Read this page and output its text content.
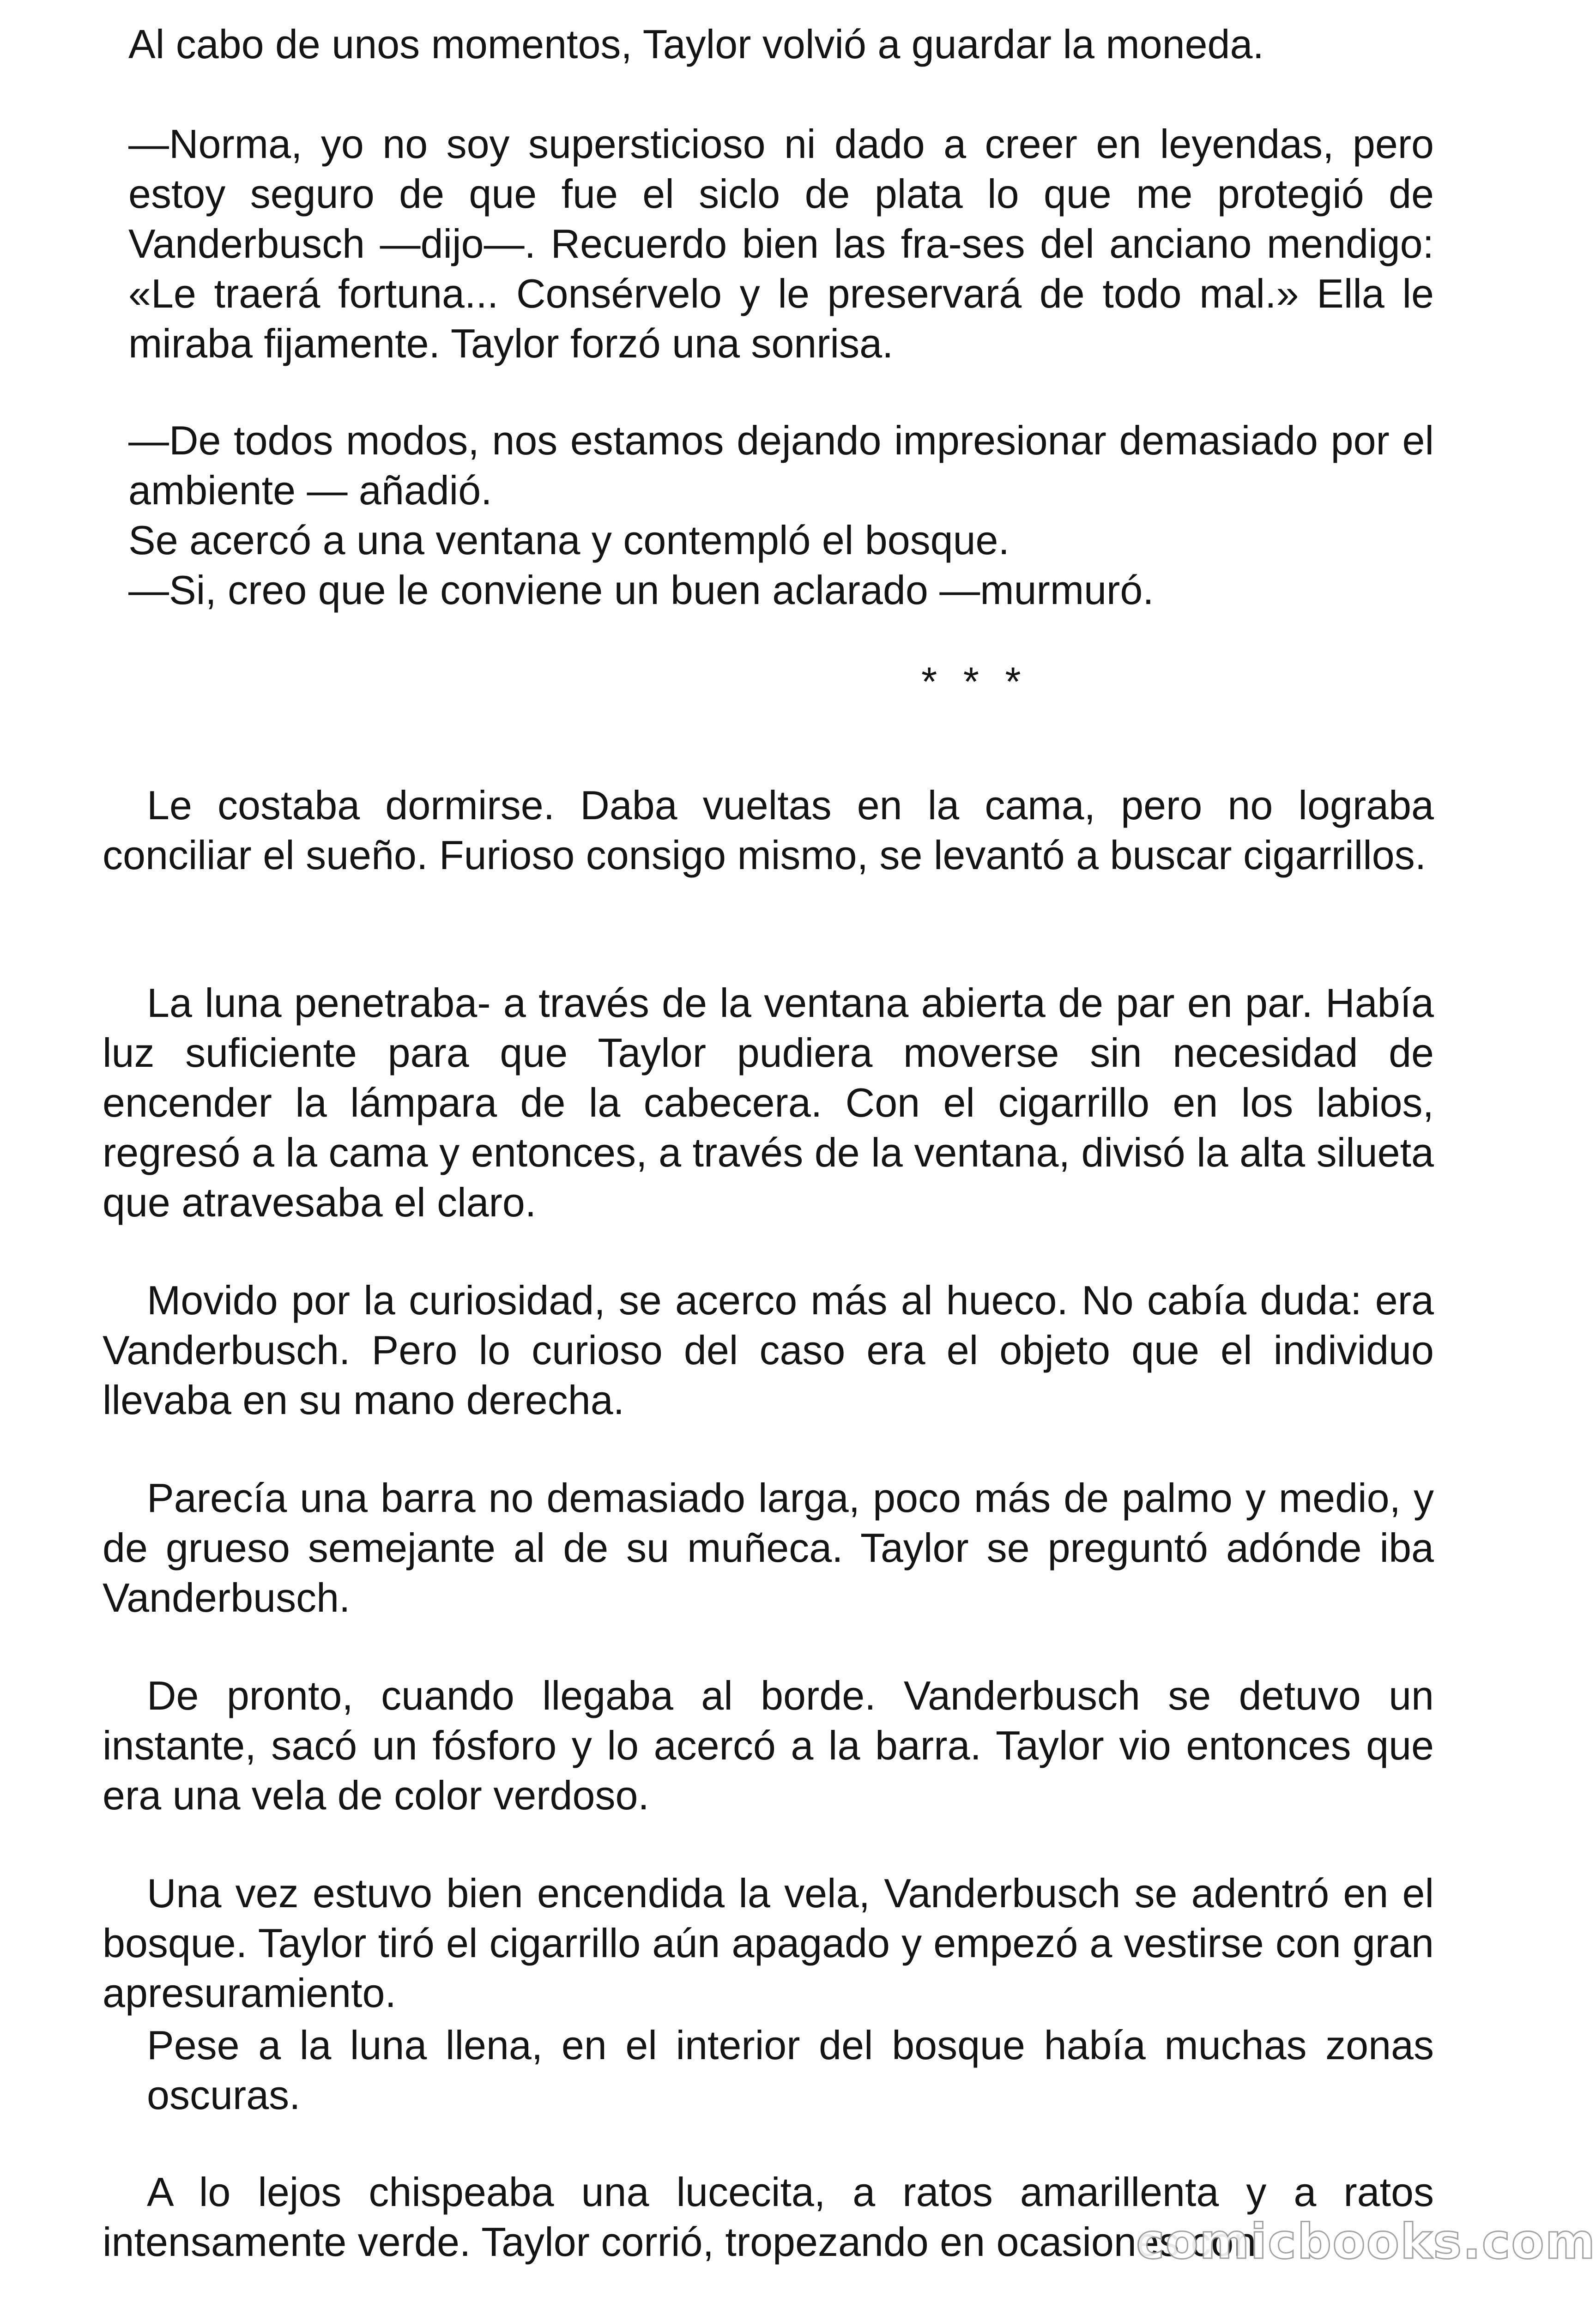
Al cabo de unos momentos, Taylor volvió a guardar la moneda.

—Norma, yo no soy supersticioso ni dado a creer en leyendas, pero estoy seguro de que fue el siclo de plata lo que me protegió de Vanderbusch —dijo—. Recuerdo bien las fra-ses del anciano mendigo: «Le traerá fortuna... Consérvelo y le preservará de todo mal.» Ella le miraba fijamente. Taylor forzó una sonrisa.

—De todos modos, nos estamos dejando impresionar demasiado por el ambiente — añadió.

Se acercó a una ventana y contempló el bosque.

—Si, creo que le conviene un buen aclarado —murmuró.

* * *

Le costaba dormirse. Daba vueltas en la cama, pero no lograba conciliar el sueño. Furioso consigo mismo, se levantó a buscar cigarrillos.

La luna penetraba- a través de la ventana abierta de par en par. Había luz suficiente para que Taylor pudiera moverse sin necesidad de encender la lámpara de la cabecera. Con el cigarrillo en los labios, regresó a la cama y entonces, a través de la ventana, divisó la alta silueta que atravesaba el claro.

Movido por la curiosidad, se acerco más al hueco. No cabía duda: era Vanderbusch. Pero lo curioso del caso era el objeto que el individuo llevaba en su mano derecha.

Parecía una barra no demasiado larga, poco más de palmo y medio, y de grueso semejante al de su muñeca. Taylor se preguntó adónde iba Vanderbusch.

De pronto, cuando llegaba al borde. Vanderbusch se detuvo un instante, sacó un fósforo y lo acercó a la barra. Taylor vio entonces que era una vela de color verdoso.

Una vez estuvo bien encendida la vela, Vanderbusch se adentró en el bosque. Taylor tiró el cigarrillo aún apagado y empezó a vestirse con gran apresuramiento.

Pese a la luna llena, en el interior del bosque había muchas zonas

oscuras.

A lo lejos chispeaba una lucecita, a ratos amarillenta y a ratos intensamente verde. Taylor corrió, tropezando en ocasiones con

comicbooks.com
